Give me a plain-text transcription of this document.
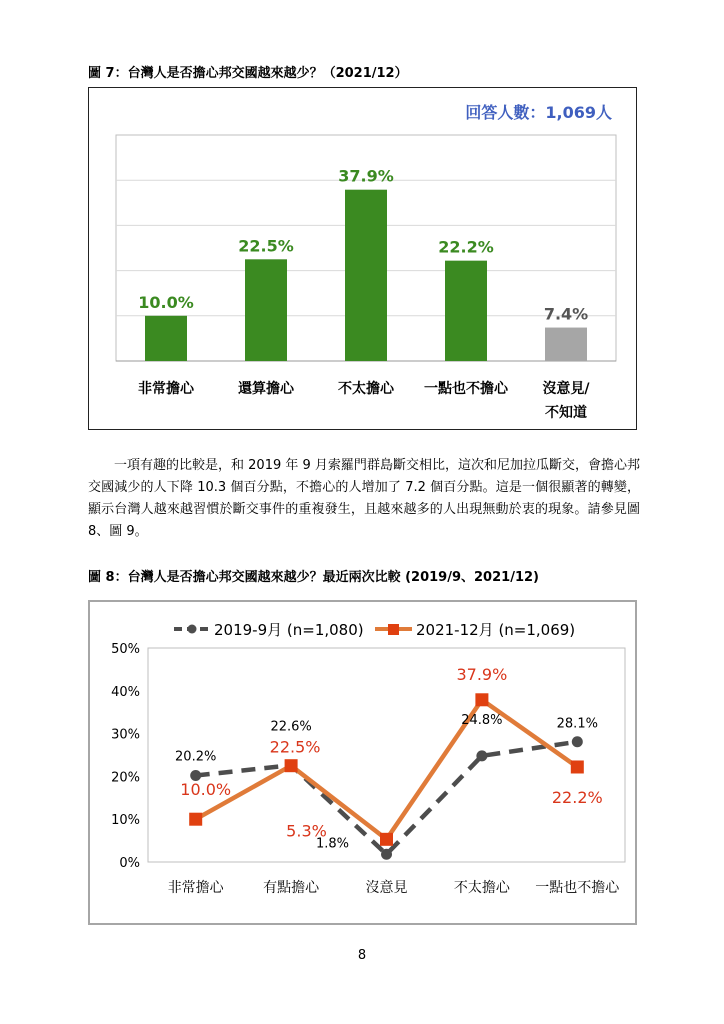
圖 7：台灣人是否擔心邦交國越來越少？（2021/12）
回答人數：1,069人
10.0%
非常擔心
22.5%
還算擔心
37.9%
不太擔心
22.2%
一點也不擔心
7.4%
沒意見/不知道

一項有趣的比較是，和 2019 年 9 月索羅門群島斷交相比，這次和尼加拉瓜斷交，會擔心邦交國減少的人下降 10.3 個百分點，不擔心的人增加了 7.2 個百分點。這是一個很顯著的轉變，顯示台灣人越來越習慣於斷交事件的重複發生，且越來越多的人出現無動於衷的現象。請參見圖 8、圖 9。

圖 8：台灣人是否擔心邦交國越來越少？最近兩次比較 (2019/9、2021/12)
2019-9月 (n=1,080)	2021-12月 (n=1,069)
0%
10%
20%
30%
40%
50%
非常擔心	有點擔心	沒意見	不太擔心 一點也不擔心
20.2%
22.6%
1.8%
24.8%	28.1%
10.0%
22.5%
5.3%
37.9%
22.2%
8
